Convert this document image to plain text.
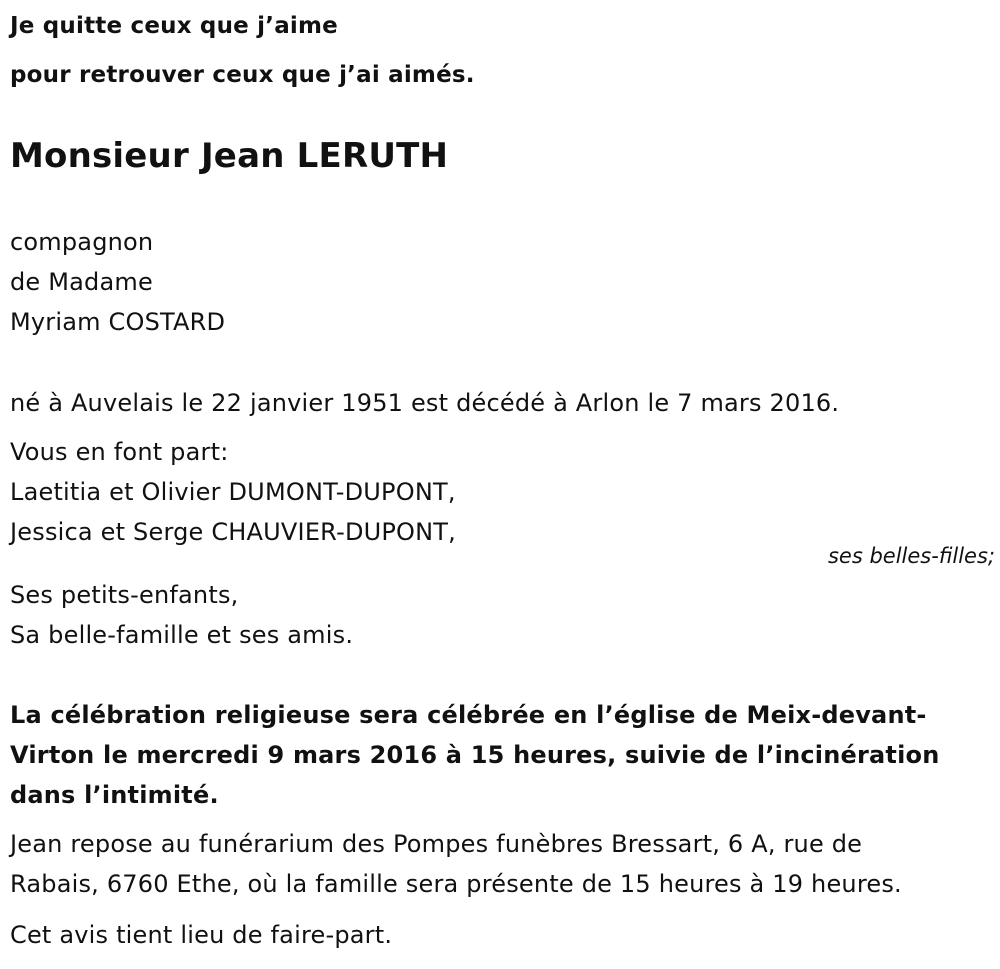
Je quitte ceux que j’aime
pour retrouver ceux que j’ai aimés.
Monsieur Jean LERUTH
compagnon
de Madame
Myriam COSTARD
né à Auvelais le 22 janvier 1951 est décédé à Arlon le 7 mars 2016.
Vous en font part:
Laetitia et Olivier DUMONT-DUPONT,
Jessica et Serge CHAUVIER-DUPONT,
ses belles-filles;
Ses petits-enfants,
Sa belle-famille et ses amis.
La célébration religieuse sera célébrée en l’église de Meix-devant-
Virton le mercredi 9 mars 2016 à 15 heures, suivie de l’incinération
dans l’intimité.
Jean repose au funérarium des Pompes funèbres Bressart, 6 A, rue de
Rabais, 6760 Ethe, où la famille sera présente de 15 heures à 19 heures.
Cet avis tient lieu de faire-part.
